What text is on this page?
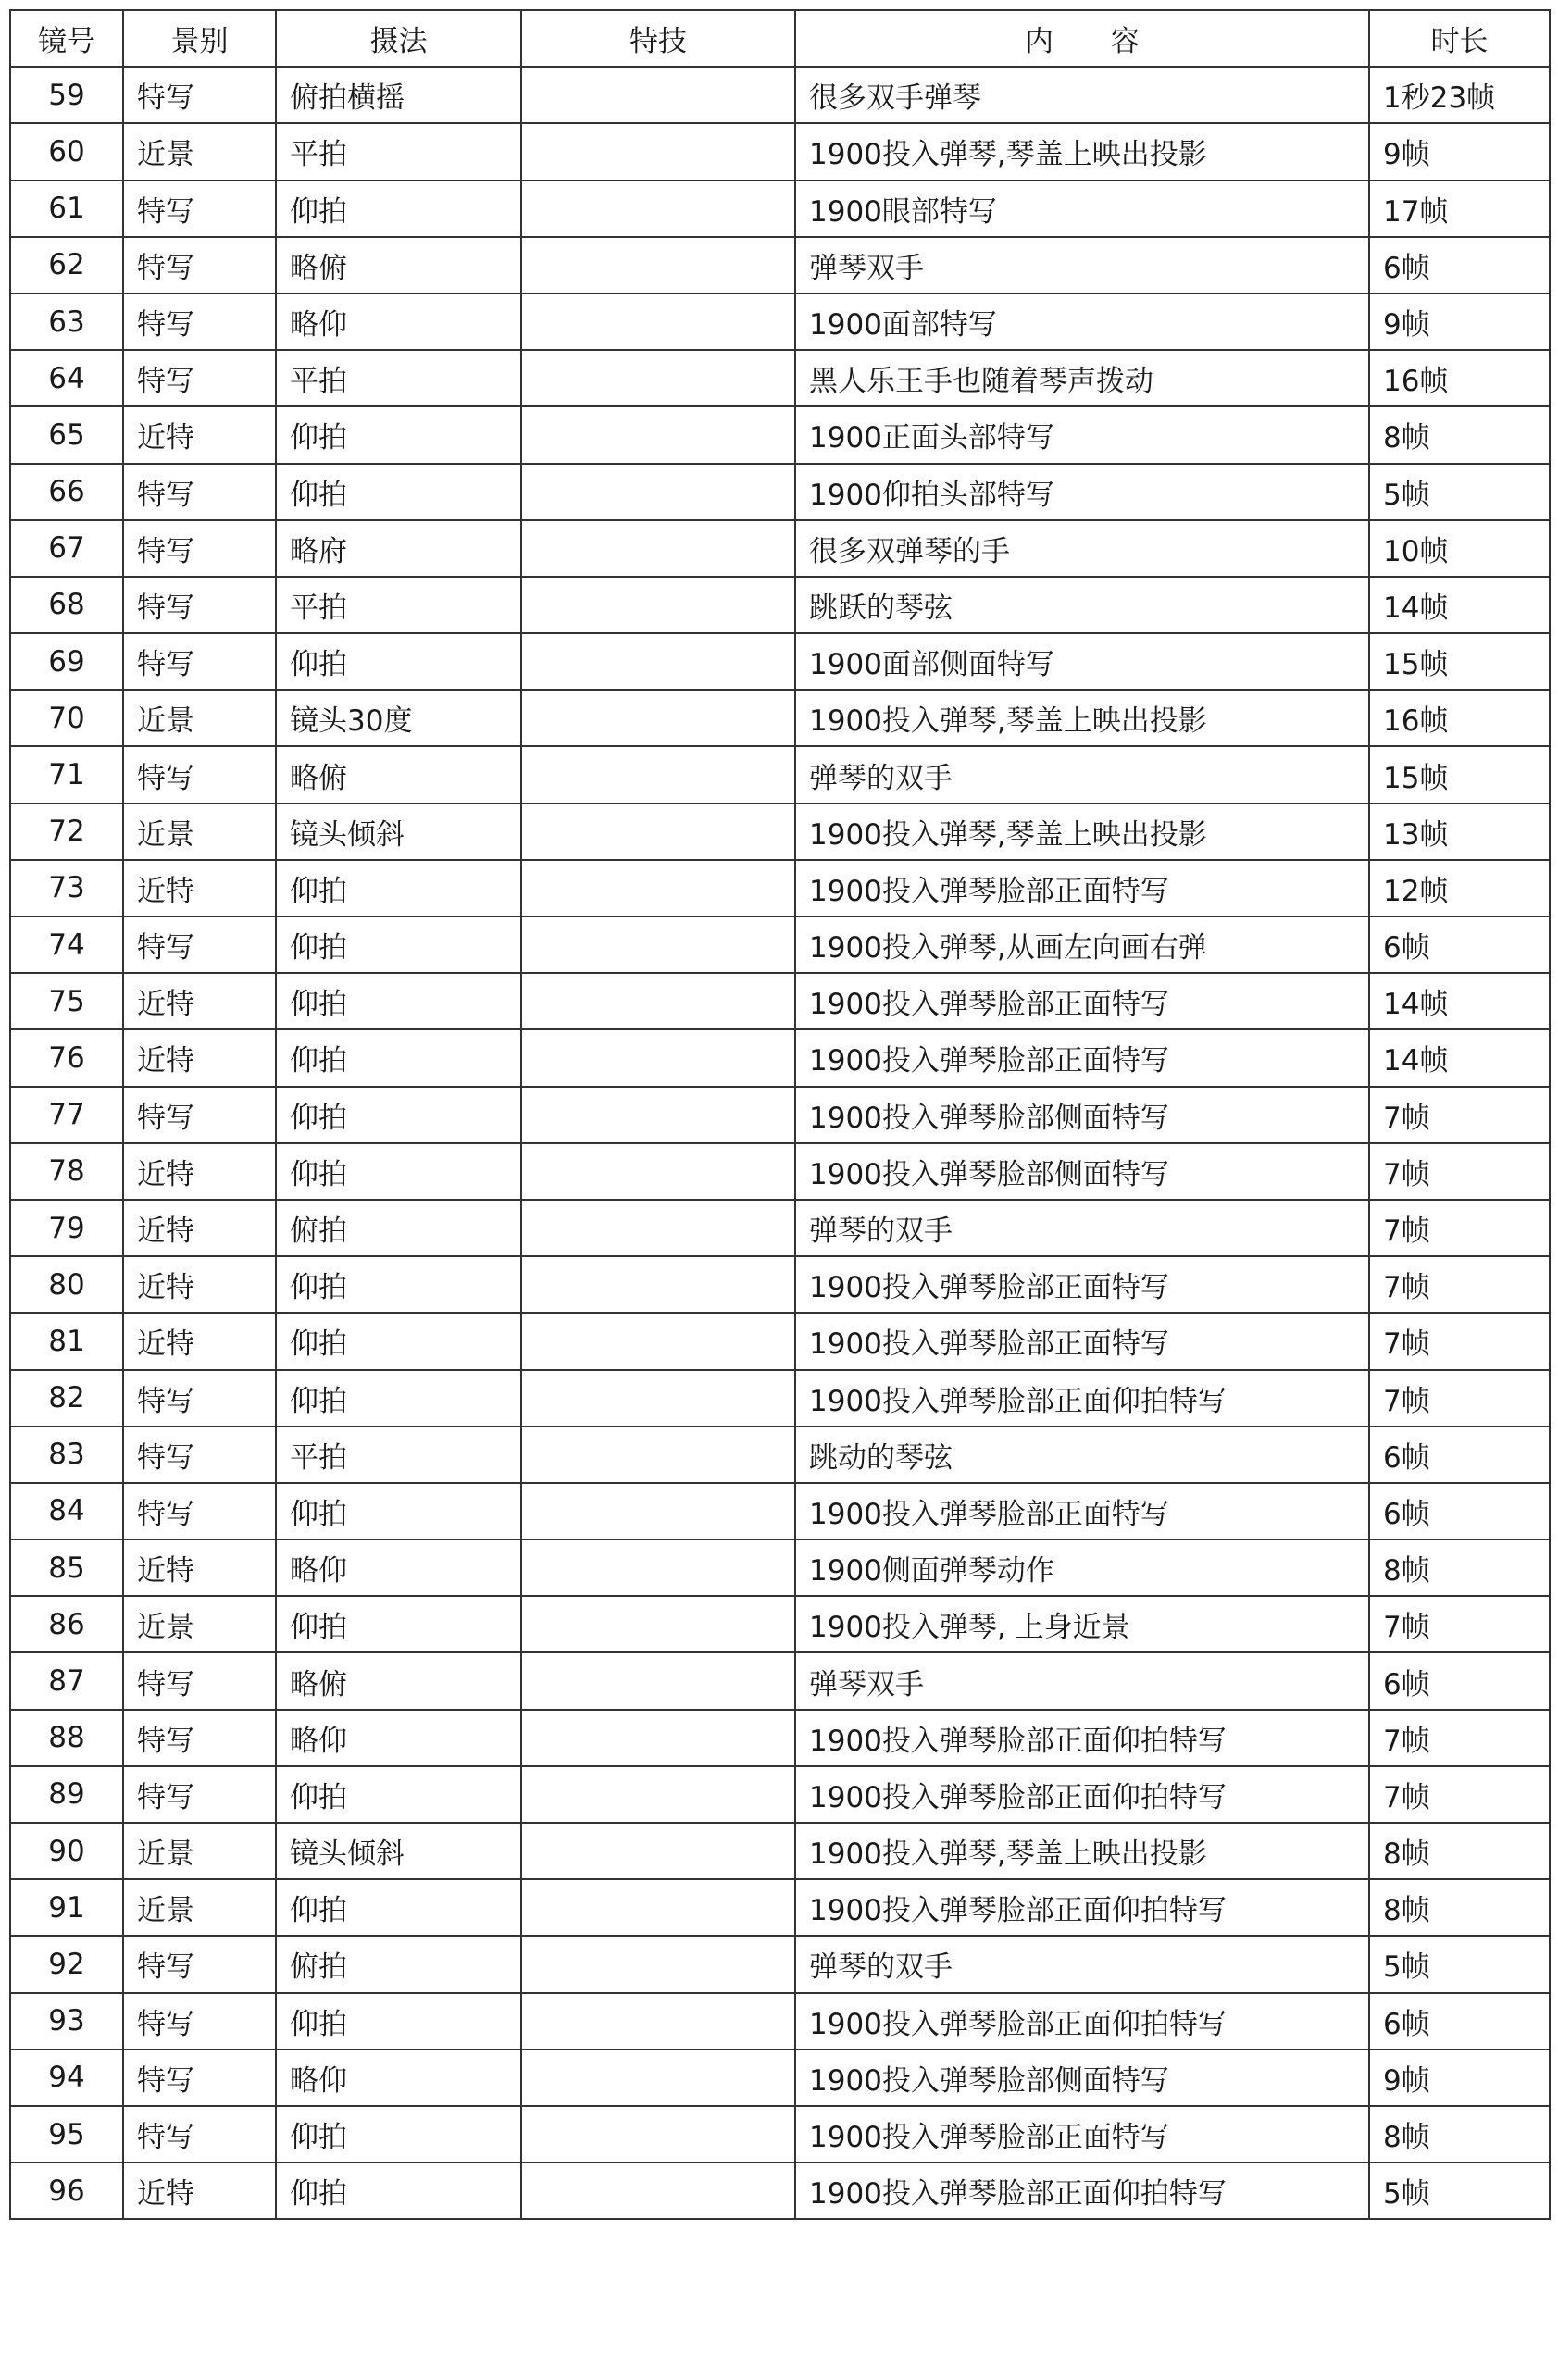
镜号	景别	摄法	特技	内　　容	时长
59	特写	俯拍横摇		很多双手弹琴	1秒23帧
60	近景	平拍		1900投入弹琴,琴盖上映出投影	9帧
61	特写	仰拍		1900眼部特写	17帧
62	特写	略俯		弹琴双手	6帧
63	特写	略仰		1900面部特写	9帧
64	特写	平拍		黑人乐王手也随着琴声拨动	16帧
65	近特	仰拍		1900正面头部特写	8帧
66	特写	仰拍		1900仰拍头部特写	5帧
67	特写	略府		很多双弹琴的手	10帧
68	特写	平拍		跳跃的琴弦	14帧
69	特写	仰拍		1900面部侧面特写	15帧
70	近景	镜头30度		1900投入弹琴,琴盖上映出投影	16帧
71	特写	略俯		弹琴的双手	15帧
72	近景	镜头倾斜		1900投入弹琴,琴盖上映出投影	13帧
73	近特	仰拍		1900投入弹琴脸部正面特写	12帧
74	特写	仰拍		1900投入弹琴,从画左向画右弹	6帧
75	近特	仰拍		1900投入弹琴脸部正面特写	14帧
76	近特	仰拍		1900投入弹琴脸部正面特写	14帧
77	特写	仰拍		1900投入弹琴脸部侧面特写	7帧
78	近特	仰拍		1900投入弹琴脸部侧面特写	7帧
79	近特	俯拍		弹琴的双手	7帧
80	近特	仰拍		1900投入弹琴脸部正面特写	7帧
81	近特	仰拍		1900投入弹琴脸部正面特写	7帧
82	特写	仰拍		1900投入弹琴脸部正面仰拍特写	7帧
83	特写	平拍		跳动的琴弦	6帧
84	特写	仰拍		1900投入弹琴脸部正面特写	6帧
85	近特	略仰		1900侧面弹琴动作	8帧
86	近景	仰拍		1900投入弹琴, 上身近景	7帧
87	特写	略俯		弹琴双手	6帧
88	特写	略仰		1900投入弹琴脸部正面仰拍特写	7帧
89	特写	仰拍		1900投入弹琴脸部正面仰拍特写	7帧
90	近景	镜头倾斜		1900投入弹琴,琴盖上映出投影	8帧
91	近景	仰拍		1900投入弹琴脸部正面仰拍特写	8帧
92	特写	俯拍		弹琴的双手	5帧
93	特写	仰拍		1900投入弹琴脸部正面仰拍特写	6帧
94	特写	略仰		1900投入弹琴脸部侧面特写	9帧
95	特写	仰拍		1900投入弹琴脸部正面特写	8帧
96	近特	仰拍		1900投入弹琴脸部正面仰拍特写	5帧
